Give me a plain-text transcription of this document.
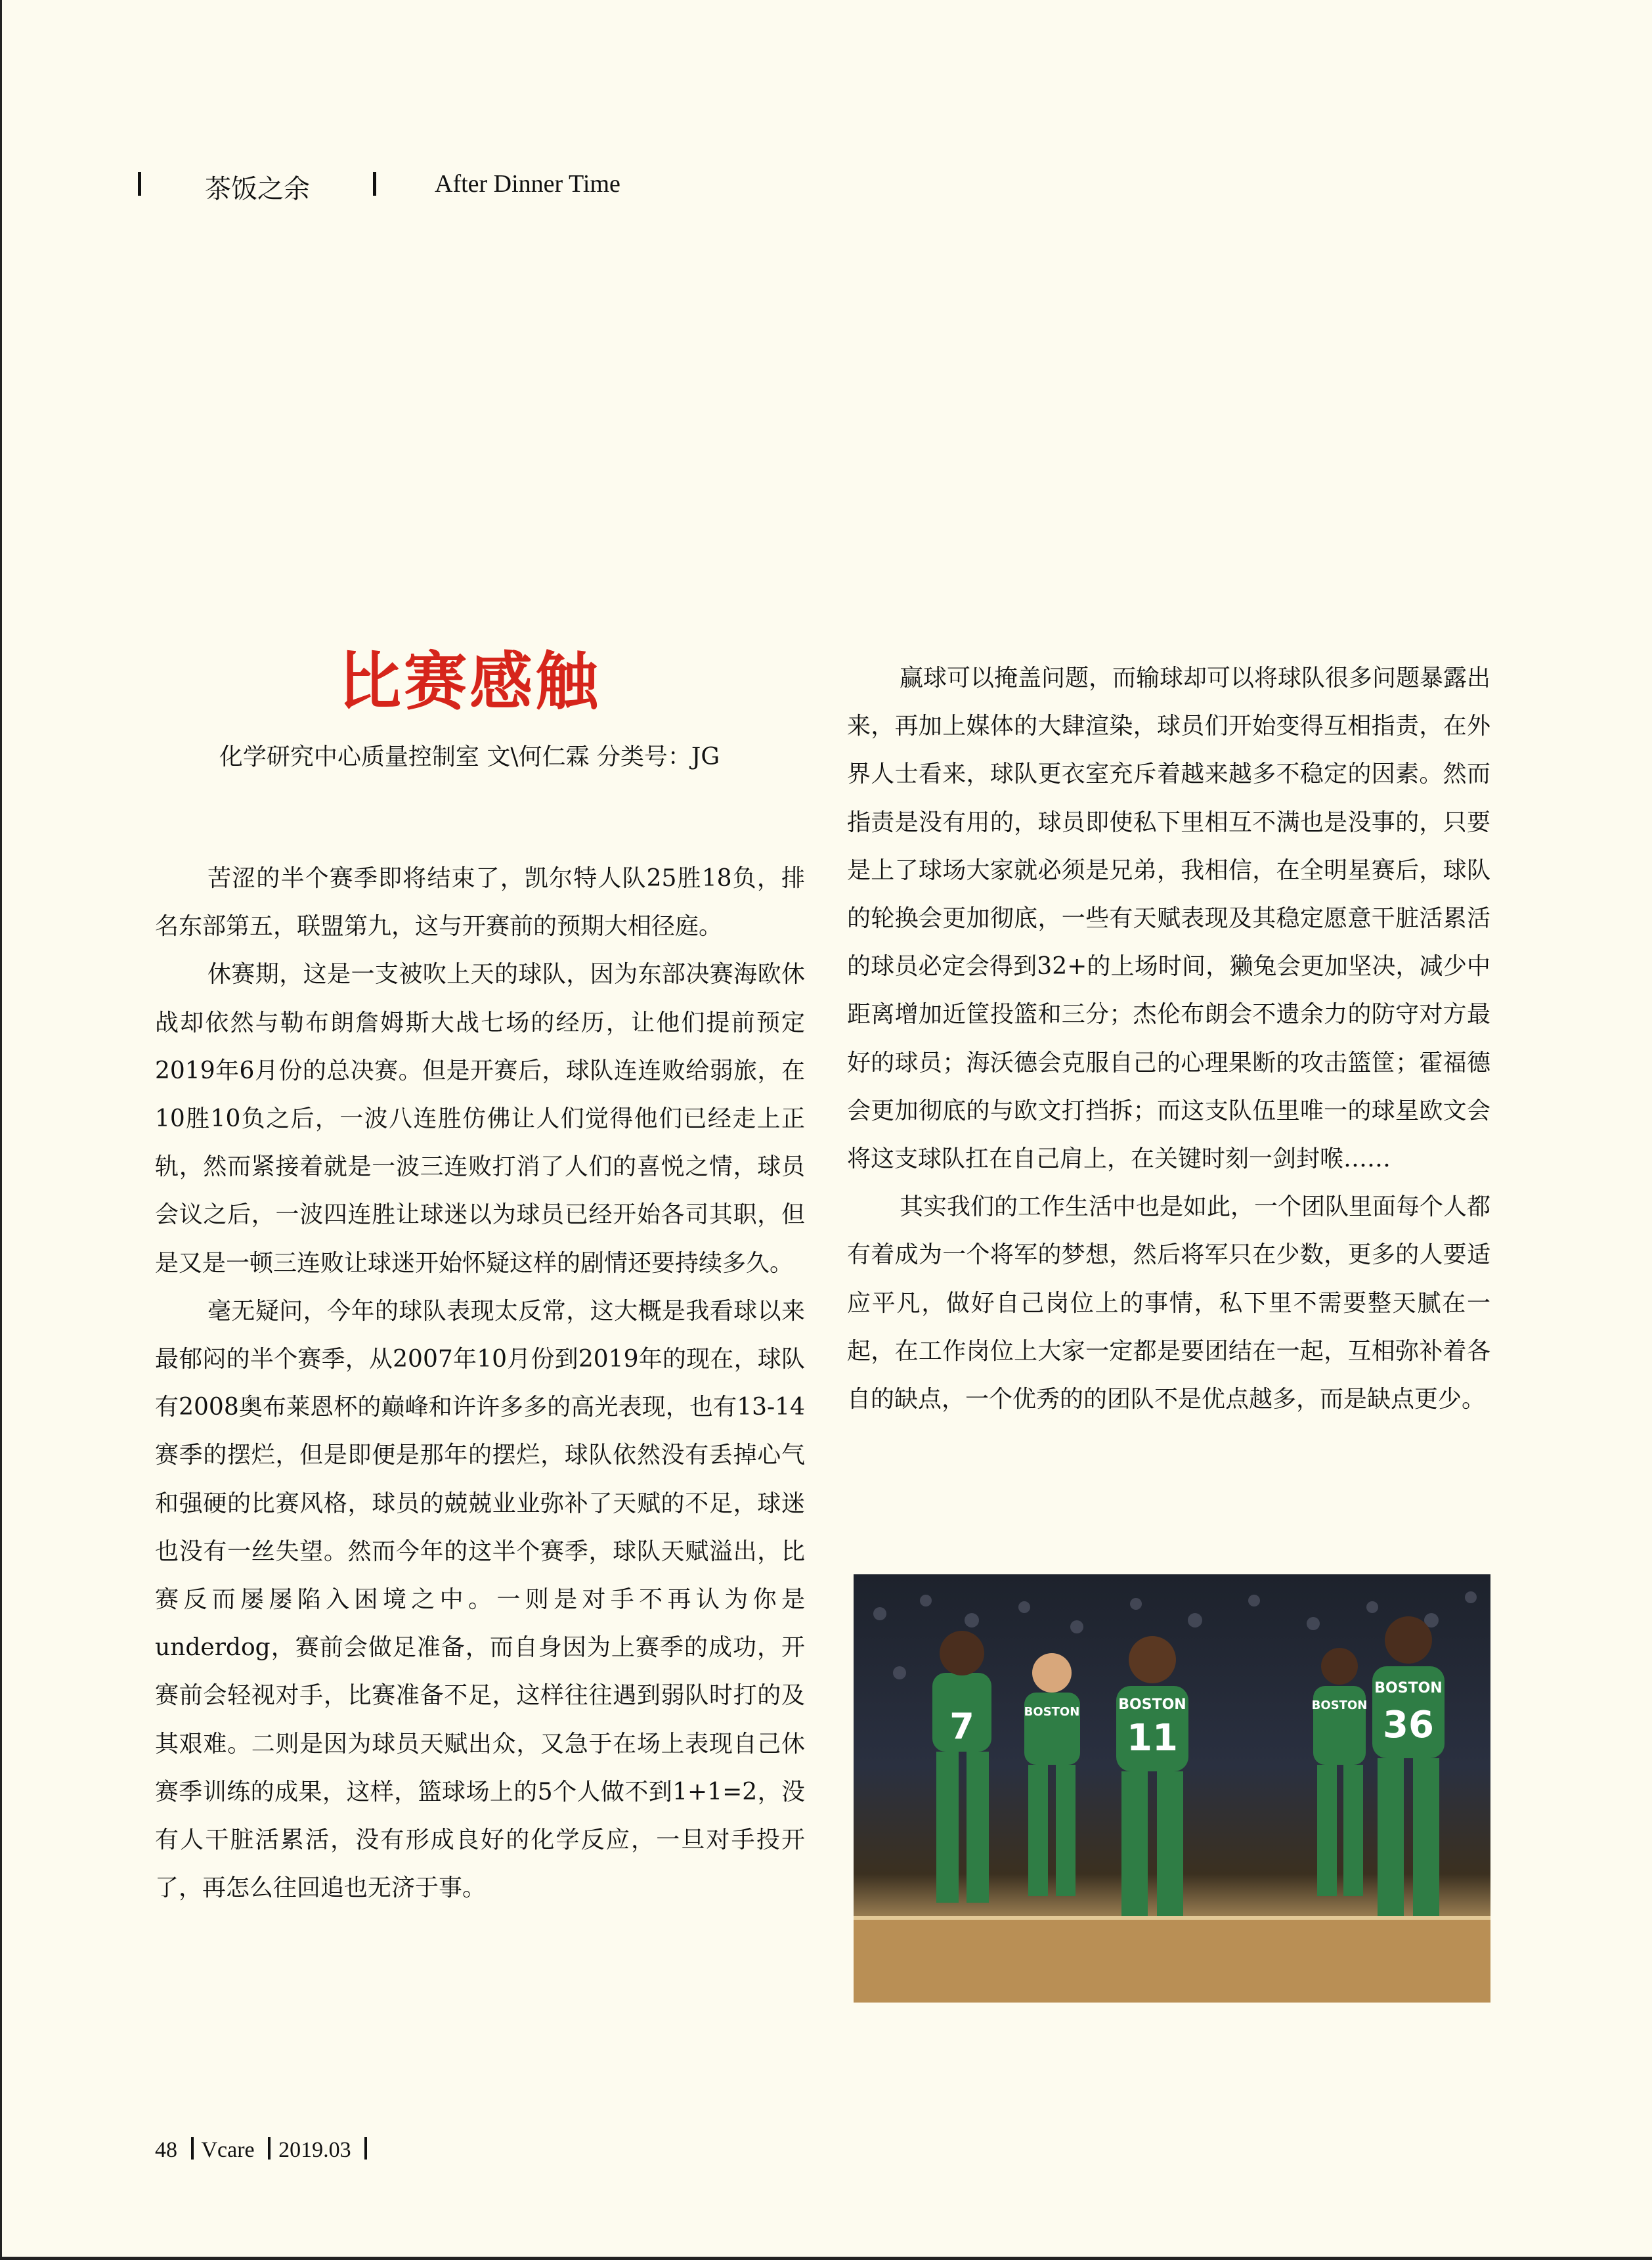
茶饭之余	After Dinner Time
比赛感触
化学研究中心质量控制室 文\何仁霖 分类号：JG

苦涩的半个赛季即将结束了，凯尔特人队25胜18负，排名东部第五，联盟第九，这与开赛前的预期大相径庭。

休赛期，这是一支被吹上天的球队，因为东部决赛海欧休战却依然与勒布朗詹姆斯大战七场的经历，让他们提前预定2019年6月份的总决赛。但是开赛后，球队连连败给弱旅，在10胜10负之后，一波八连胜仿佛让人们觉得他们已经走上正轨，然而紧接着就是一波三连败打消了人们的喜悦之情，球员会议之后，一波四连胜让球迷以为球员已经开始各司其职，但是又是一顿三连败让球迷开始怀疑这样的剧情还要持续多久。

毫无疑问，今年的球队表现太反常，这大概是我看球以来最郁闷的半个赛季，从2007年10月份到2019年的现在，球队有2008奥布莱恩杯的巅峰和许许多多的高光表现，也有13-14赛季的摆烂，但是即便是那年的摆烂，球队依然没有丢掉心气和强硬的比赛风格，球员的兢兢业业弥补了天赋的不足，球迷也没有一丝失望。然而今年的这半个赛季，球队天赋溢出，比赛反而屡屡陷入困境之中。一则是对手不再认为你是underdog，赛前会做足准备，而自身因为上赛季的成功，开赛前会轻视对手，比赛准备不足，这样往往遇到弱队时打的及其艰难。二则是因为球员天赋出众，又急于在场上表现自己休赛季训练的成果，这样，篮球场上的5个人做不到1+1=2，没有人干脏活累活，没有形成良好的化学反应，一旦对手投开了，再怎么往回追也无济于事。

赢球可以掩盖问题，而输球却可以将球队很多问题暴露出来，再加上媒体的大肆渲染，球员们开始变得互相指责，在外界人士看来，球队更衣室充斥着越来越多不稳定的因素。然而指责是没有用的，球员即使私下里相互不满也是没事的，只要是上了球场大家就必须是兄弟，我相信，在全明星赛后，球队的轮换会更加彻底，一些有天赋表现及其稳定愿意干脏活累活的球员必定会得到32+的上场时间，獭兔会更加坚决，减少中距离增加近筐投篮和三分；杰伦布朗会不遗余力的防守对方最好的球员；海沃德会克服自己的心理果断的攻击篮筐；霍福德会更加彻底的与欧文打挡拆；而这支队伍里唯一的球星欧文会将这支球队扛在自己肩上，在关键时刻一剑封喉……

其实我们的工作生活中也是如此，一个团队里面每个人都有着成为一个将军的梦想，然后将军只在少数，更多的人要适应平凡，做好自己岗位上的事情，私下里不需要整天腻在一起，在工作岗位上大家一定都是要团结在一起，互相弥补着各自的缺点，一个优秀的的团队不是优点越多，而是缺点更少。

7	BOSTON	BOSTON
11
BOSTON
BOSTON
36
48 Vcare 2019.03
